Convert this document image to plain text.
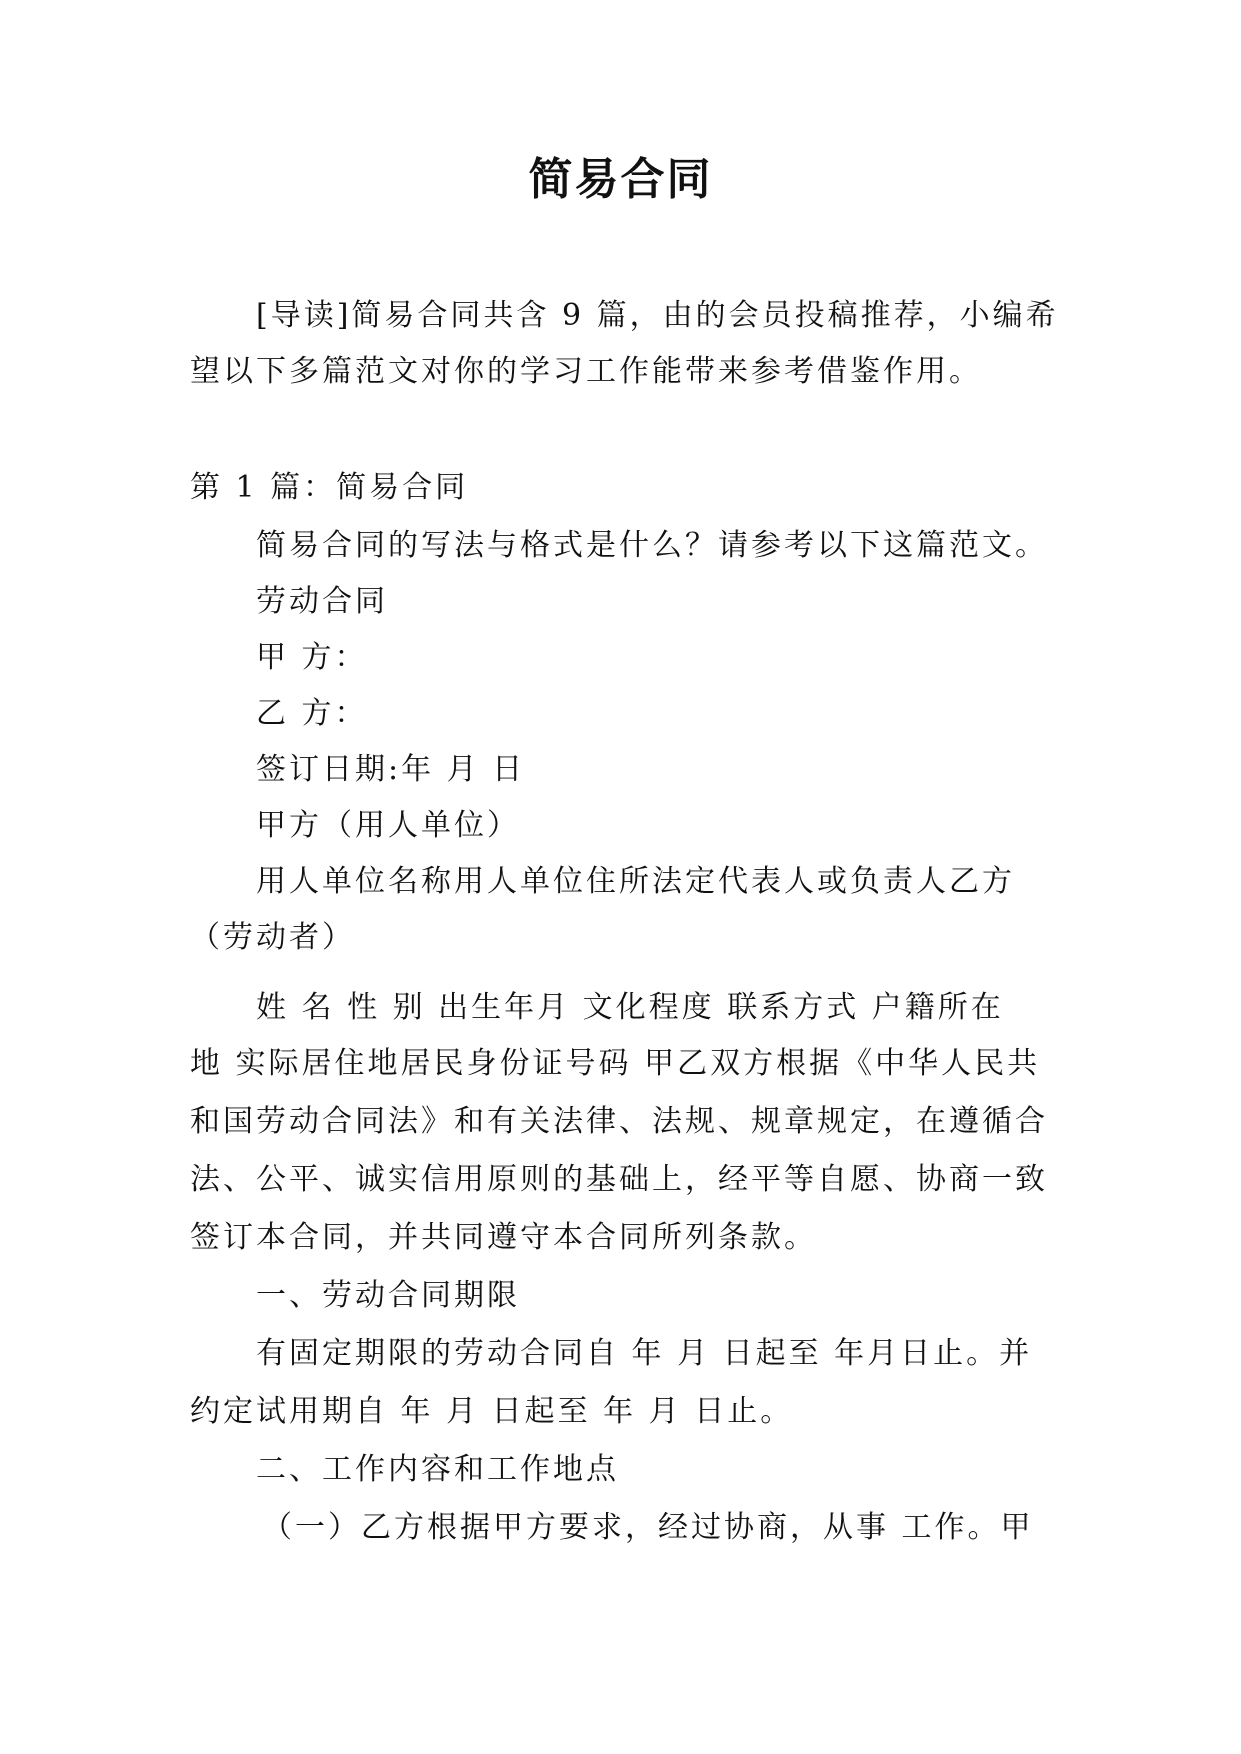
简易合同
[导读]简易合同共含 9 篇，由的会员投稿推荐，小编希
望以下多篇范文对你的学习工作能带来参考借鉴作用。
第 1 篇：简易合同
简易合同的写法与格式是什么？请参考以下这篇范文。
劳动合同
甲 方：
乙 方：
签订日期:年 月 日
甲方（用人单位）
用人单位名称用人单位住所法定代表人或负责人乙方
（劳动者）
姓 名 性 别 出生年月 文化程度 联系方式 户籍所在
地 实际居住地居民身份证号码 甲乙双方根据《中华人民共
和国劳动合同法》和有关法律、法规、规章规定，在遵循合
法、公平、诚实信用原则的基础上，经平等自愿、协商一致
签订本合同，并共同遵守本合同所列条款。
一、劳动合同期限
有固定期限的劳动合同自 年 月 日起至 年月日止。并
约定试用期自 年 月 日起至 年 月 日止。
二、工作内容和工作地点
（一）乙方根据甲方要求，经过协商，从事 工作。甲
